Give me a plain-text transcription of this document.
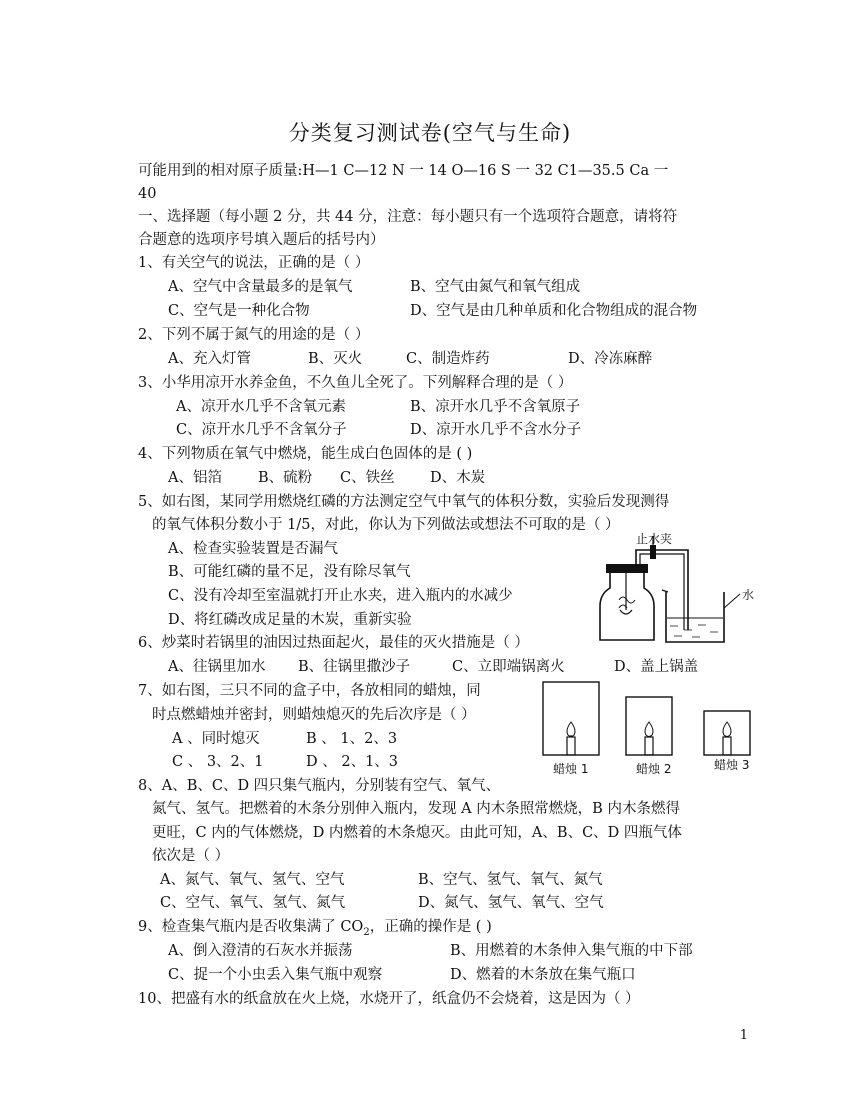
分类复习测试卷(空气与生命)
可能用到的相对原子质量:H—1 C—12 N 一 14 O—16 S 一 32 C1—35.5 Ca 一
40
一、选择题（每小题 2 分，共 44 分，注意：每小题只有一个选项符合题意，请将符
合题意的选项序号填入题后的括号内）
1、有关空气的说法，正确的是（ ）
A、空气中含量最多的是氧气	B、空气由氮气和氧气组成
C、空气是一种化合物	D、空气是由几种单质和化合物组成的混合物
2、下列不属于氮气的用途的是（ ）
A、充入灯管	B、灭火	C、制造炸药	D、冷冻麻醉
3、小华用凉开水养金鱼，不久鱼儿全死了。下列解释合理的是（ ）
A、凉开水几乎不含氧元素	B、凉开水几乎不含氧原子
C、凉开水几乎不含氧分子	D、凉开水几乎不含水分子
4、下列物质在氧气中燃烧，能生成白色固体的是 ( )
A、铝箔 B、硫粉 C、铁丝 D、木炭
5、如右图，某同学用燃烧红磷的方法测定空气中氧气的体积分数，实验后发现测得
的氧气体积分数小于 1/5，对此，你认为下列做法或想法不可取的是（ ）
A、检查实验装置是否漏气
B、可能红磷的量不足，没有除尽氧气
C、没有冷却至室温就打开止水夹，进入瓶内的水减少
D、将红磷改成足量的木炭，重新实验
止水夹
水
6、炒菜时若锅里的油因过热面起火，最佳的灭火措施是（ ）
A、往锅里加水 B、往锅里撒沙子	C、立即端锅离火	D、盖上锅盖
7、如右图，三只不同的盒子中，各放相同的蜡烛，同
时点燃蜡烛并密封，则蜡烛熄灭的先后次序是（ ）
A 、同时熄灭	B 、 1、2、3
C 、 3、2、1	D 、 2、1、3	蜡烛 1	蜡烛 2	蜡烛 3
8、A、B、C、D 四只集气瓶内，分别装有空气、氧气、
氮气、氢气。把燃着的木条分别伸入瓶内，发现 A 内木条照常燃烧，B 内木条燃得
更旺，C 内的气体燃烧，D 内燃着的木条熄灭。由此可知，A、B、C、D 四瓶气体
依次是（ ）
A、氮气、氧气、氢气、空气	B、空气、氢气、氧气、氮气
C、空气、氧气、氢气、氮气	D、氮气、氢气、氧气、空气
9、检查集气瓶内是否收集满了 $CO_2$，正确的操作是 ( )
A、倒入澄清的石灰水并振荡	B、用燃着的木条伸入集气瓶的中下部
C、捉一个小虫丢入集气瓶中观察	D、燃着的木条放在集气瓶口
10、把盛有水的纸盒放在火上烧，水烧开了，纸盒仍不会烧着，这是因为（ ）
1
